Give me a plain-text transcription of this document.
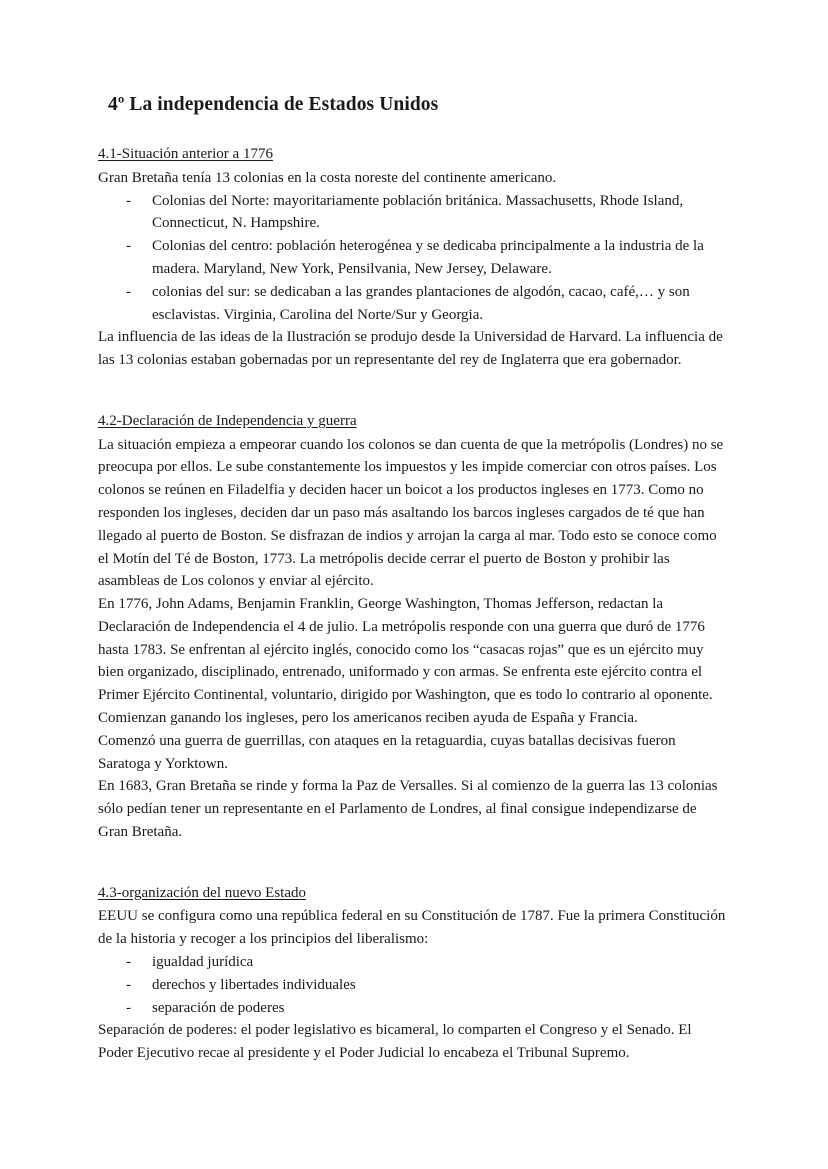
4º La independencia de Estados Unidos
4.1-Situación anterior a 1776

Gran Bretaña tenía 13 colonias en la costa noreste del continente americano.

- Colonias del Norte: mayoritariamente población británica. Massachusetts, Rhode Island, Connecticut, N. Hampshire.
- Colonias del centro: población heterogénea y se dedicaba principalmente a la industria de la madera. Maryland, New York, Pensilvania, New Jersey, Delaware.
- colonias del sur: se dedicaban a las grandes plantaciones de algodón, cacao, café,… y son esclavistas. Virginia, Carolina del Norte/Sur y Georgia.

La influencia de las ideas de la Ilustración se produjo desde la Universidad de Harvard. La influencia de las 13 colonias estaban gobernadas por un representante del rey de Inglaterra que era gobernador.

4.2-Declaración de Independencia y guerra

La situación empieza a empeorar cuando los colonos se dan cuenta de que la metrópolis (Londres) no se preocupa por ellos. Le sube constantemente los impuestos y les impide comerciar con otros países. Los colonos se reúnen en Filadelfia y deciden hacer un boicot a los productos ingleses en 1773. Como no responden los ingleses, deciden dar un paso más asaltando los barcos ingleses cargados de té que han llegado al puerto de Boston. Se disfrazan de indios y arrojan la carga al mar. Todo esto se conoce como el Motín del Té de Boston, 1773. La metrópolis decide cerrar el puerto de Boston y prohibir las asambleas de Los colonos y enviar al ejército.

En 1776, John Adams, Benjamin Franklin, George Washington, Thomas Jefferson, redactan la Declaración de Independencia el 4 de julio. La metrópolis responde con una guerra que duró de 1776 hasta 1783. Se enfrentan al ejército inglés, conocido como los “casacas rojas” que es un ejército muy bien organizado, disciplinado, entrenado, uniformado y con armas. Se enfrenta este ejército contra el Primer Ejército Continental, voluntario, dirigido por Washington, que es todo lo contrario al oponente. Comienzan ganando los ingleses, pero los americanos reciben ayuda de España y Francia.

Comenzó una guerra de guerrillas, con ataques en la retaguardia, cuyas batallas decisivas fueron Saratoga y Yorktown.

En 1683, Gran Bretaña se rinde y forma la Paz de Versalles. Si al comienzo de la guerra las 13 colonias sólo pedían tener un representante en el Parlamento de Londres, al final consigue independizarse de Gran Bretaña.

4.3-organización del nuevo Estado

EEUU se configura como una república federal en su Constitución de 1787. Fue la primera Constitución de la historia y recoger a los principios del liberalismo:

- igualdad jurídica
- derechos y libertades individuales
- separación de poderes

Separación de poderes: el poder legislativo es bicameral, lo comparten el Congreso y el Senado. El Poder Ejecutivo recae al presidente y el Poder Judicial lo encabeza el Tribunal Supremo.
